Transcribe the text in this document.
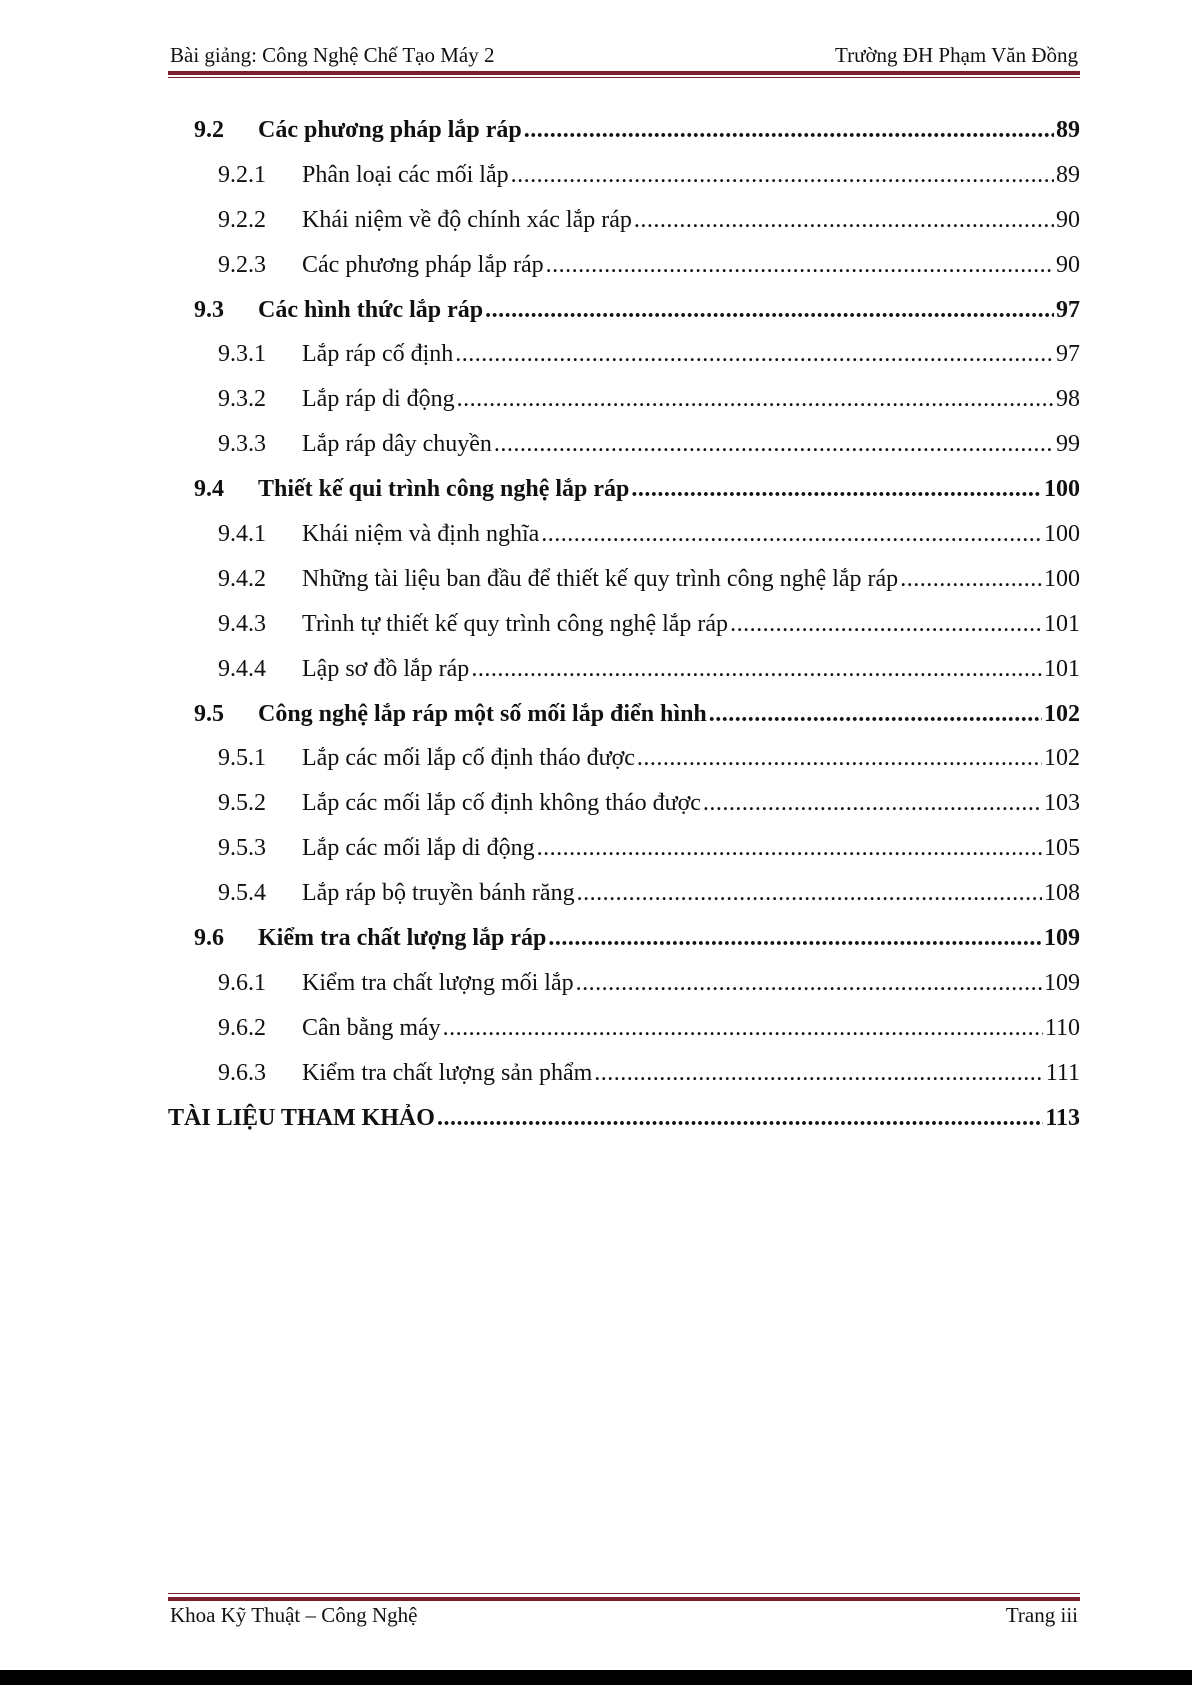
Bài giảng: Công Nghệ Chế Tạo Máy 2	Trường ĐH Phạm Văn Đồng
9.2	Các phương pháp lắp ráp .....	89
9.2.1	Phân loại các mối lắp .....	89
9.2.2	Khái niệm về độ chính xác lắp ráp .....	90
9.2.3	Các phương pháp lắp ráp .....	90
9.3	Các hình thức lắp ráp .....	97
9.3.1	Lắp ráp cố định .....	97
9.3.2	Lắp ráp di động .....	98
9.3.3	Lắp ráp dây chuyền .....	99
9.4	Thiết kế qui trình công nghệ lắp ráp .....	100
9.4.1	Khái niệm và định nghĩa .....	100
9.4.2	Những tài liệu ban đầu để thiết kế quy trình công nghệ lắp ráp .....	100
9.4.3	Trình tự thiết kế quy trình công nghệ lắp ráp .....	101
9.4.4	Lập sơ đồ lắp ráp .....	101
9.5	Công nghệ lắp ráp một số mối lắp điển hình .....	102
9.5.1	Lắp các mối lắp cố định tháo được .....	102
9.5.2	Lắp các mối lắp cố định không tháo được .....	103
9.5.3	Lắp các mối lắp di động .....	105
9.5.4	Lắp ráp bộ truyền bánh răng .....	108
9.6	Kiểm tra chất lượng lắp ráp .....	109
9.6.1	Kiểm tra chất lượng mối lắp .....	109
9.6.2	Cân bằng máy .....	110
9.6.3	Kiểm tra chất lượng sản phẩm .....	111
TÀI LIỆU THAM KHẢO .....	113
Khoa Kỹ Thuật – Công Nghệ	Trang iii
